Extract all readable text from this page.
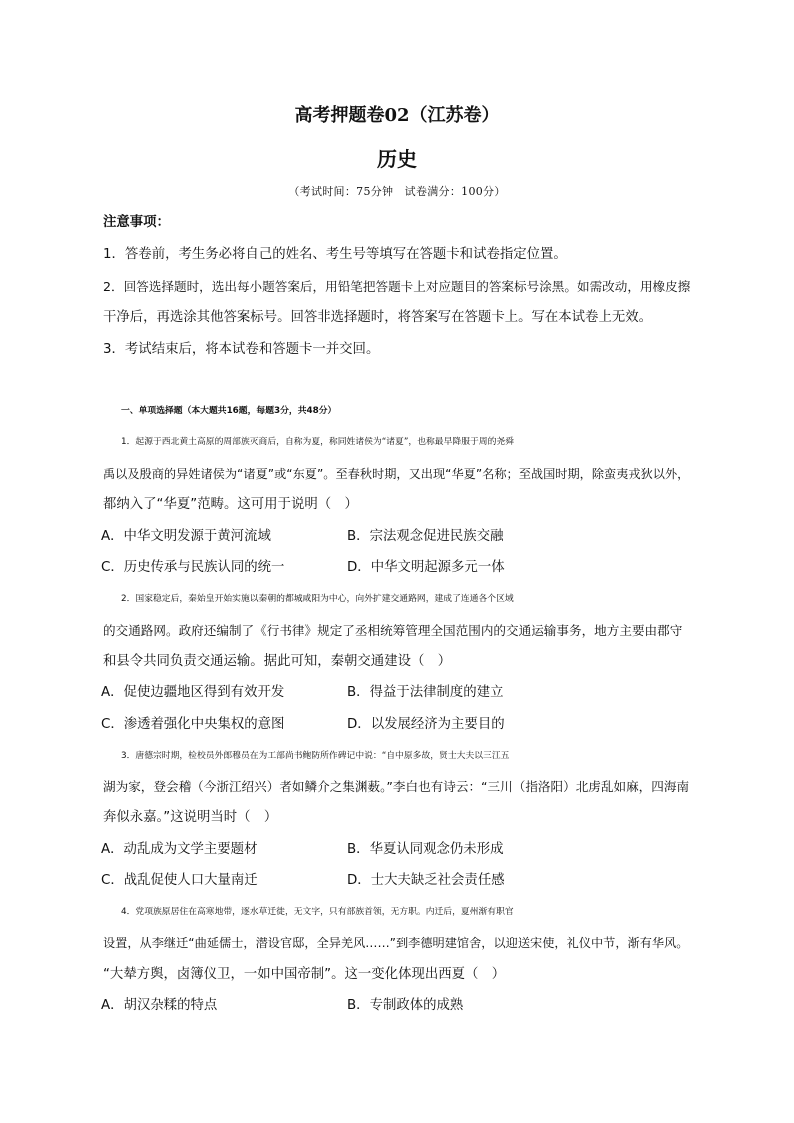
高考押题卷02（江苏卷）
历史
（考试时间：75分钟　试卷满分：100分）
注意事项：
1．答卷前，考生务必将自己的姓名、考生号等填写在答题卡和试卷指定位置。
2．回答选择题时，选出每小题答案后，用铅笔把答题卡上对应题目的答案标号涂黑。如需改动，用橡皮擦
干净后，再选涂其他答案标号。回答非选择题时，将答案写在答题卡上。写在本试卷上无效。
3．考试结束后，将本试卷和答题卡一并交回。
一、单项选择题（本大题共16题，每题3分，共48分）
1．起源于西北黄土高原的周部族灭商后，自称为夏，称同姓诸侯为“诸夏”，也称最早降服于周的尧舜
禹以及殷商的异姓诸侯为“诸夏”或“东夏”。至春秋时期，又出现“华夏”名称；至战国时期，除蛮夷戎狄以外，
都纳入了“华夏”范畴。这可用于说明（　）
A．中华文明发源于黄河流域	B．宗法观念促进民族交融
C．历史传承与民族认同的统一	D．中华文明起源多元一体
2．国家稳定后，秦始皇开始实施以秦朝的都城咸阳为中心，向外扩建交通路网，建成了连通各个区域
的交通路网。政府还编制了《行书律》规定了丞相统筹管理全国范围内的交通运输事务，地方主要由郡守
和县令共同负责交通运输。据此可知，秦朝交通建设（　）
A．促使边疆地区得到有效开发	B．得益于法律制度的建立
C．渗透着强化中央集权的意图	D．以发展经济为主要目的
3．唐德宗时期，检校员外郎穆员在为工部尚书鲍防所作碑记中说：“自中原多故，贤士大夫以三江五
湖为家，登会稽（今浙江绍兴）者如鳞介之集渊薮。”李白也有诗云：“三川（指洛阳）北虏乱如麻，四海南
奔似永嘉。”这说明当时（　）
A．动乱成为文学主要题材	B．华夏认同观念仍未形成
C．战乱促使人口大量南迁	D．士大夫缺乏社会责任感
4．党项族原居住在高寒地带，逐水草迁徙，无文字，只有部族首领，无方职。内迁后，夏州渐有职官
设置，从李继迁“曲延儒士，潜设官邸，全异羌风……”到李德明建馆舍，以迎送宋使，礼仪中节，渐有华风。
“大辇方舆，卤簿仪卫，一如中国帝制”。这一变化体现出西夏（　）
A．胡汉杂糅的特点	B．专制政体的成熟
